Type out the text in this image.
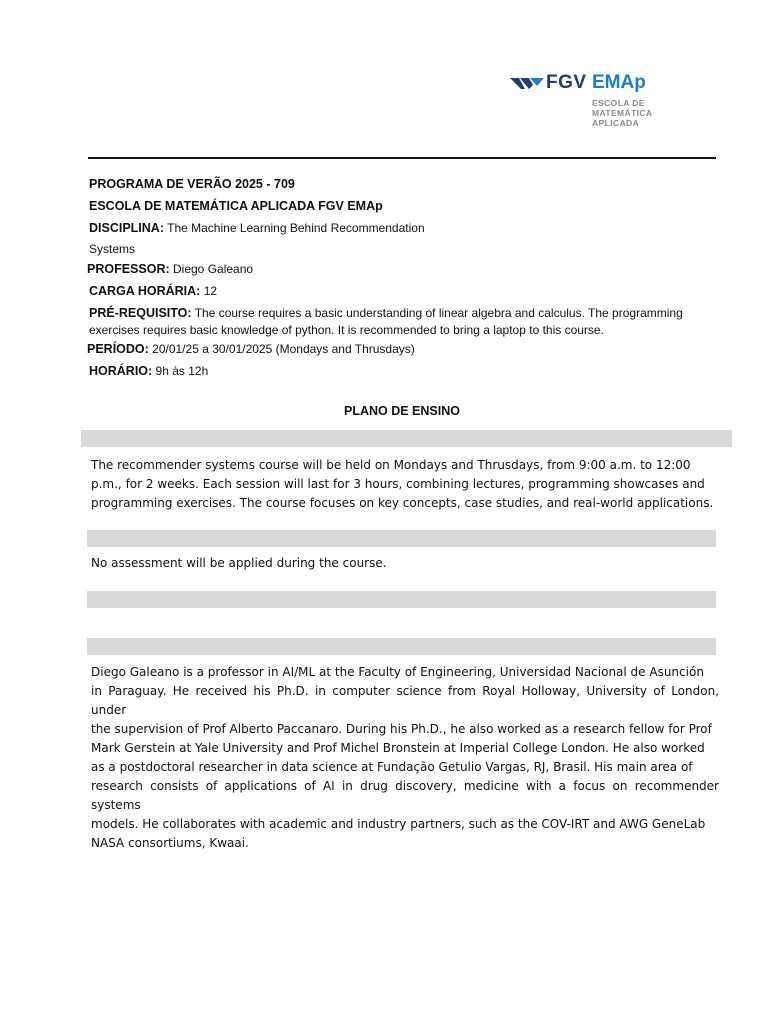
FGV EMAp
ESCOLA DE
MATEMÁTICA
APLICADA
PROGRAMA DE VERÃO 2025 - 709
ESCOLA DE MATEMÁTICA APLICADA FGV EMAp
DISCIPLINA: The Machine Learning Behind Recommendation
Systems
PROFESSOR: Diego Galeano
CARGA HORÁRIA: 12
PRÉ-REQUISITO: The course requires a basic understanding of linear algebra and calculus. The programming
exercises requires basic knowledge of python. It is recommended to bring a laptop to this course.
PERÍODO: 20/01/25 a 30/01/2025 (Mondays and Thrusdays)
HORÁRIO: 9h às 12h
PLANO DE ENSINO
The recommender systems course will be held on Mondays and Thrusdays, from 9:00 a.m. to 12:00
p.m., for 2 weeks. Each session will last for 3 hours, combining lectures, programming showcases and
programming exercises. The course focuses on key concepts, case studies, and real-world applications.
No assessment will be applied during the course.
Diego Galeano is a professor in AI/ML at the Faculty of Engineering, Universidad Nacional de Asunción
in Paraguay. He received his Ph.D. in computer science from Royal Holloway, University of London, under
the supervision of Prof Alberto Paccanaro. During his Ph.D., he also worked as a research fellow for Prof
Mark Gerstein at Yale University and Prof Michel Bronstein at Imperial College London. He also worked
as a postdoctoral researcher in data science at Fundação Getulio Vargas, RJ, Brasil. His main area of
research consists of applications of AI in drug discovery, medicine with a focus on recommender systems
models. He collaborates with academic and industry partners, such as the COV-IRT and AWG GeneLab
NASA consortiums, Kwaai.
